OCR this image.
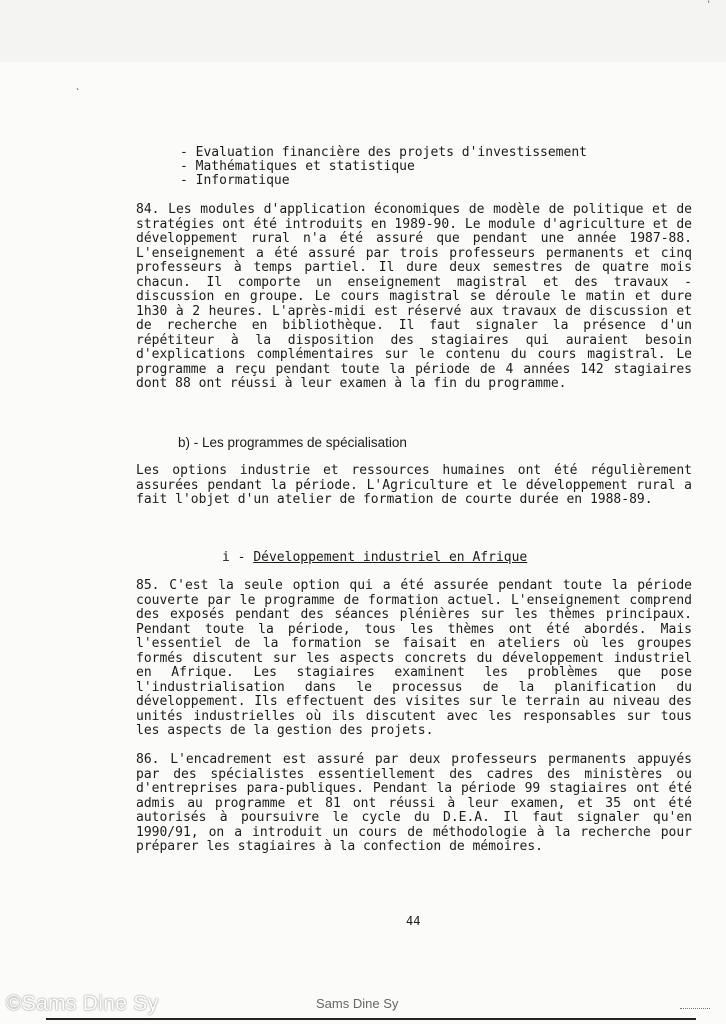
'
ˋ
- Evaluation financière des projets d'investissement
- Mathématiques et statistique
- Informatique

84. Les modules d'application économiques de modèle de politique et de stratégies ont été introduits en 1989-90. Le module d'agriculture et de développement rural n'a été assuré que pendant une année 1987-88. L'enseignement a été assuré par trois professeurs permanents et cinq professeurs à temps partiel. Il dure deux semestres de quatre mois chacun. Il comporte un enseignement magistral et des travaux - discussion en groupe. Le cours magistral se déroule le matin et dure 1h30 à 2 heures. L'après-midi est réservé aux travaux de discussion et de recherche en bibliothèque. Il faut signaler la présence d'un répétiteur à la disposition des stagiaires qui auraient besoin d'explications complémentaires sur le contenu du cours magistral. Le programme a reçu pendant toute la période de 4 années 142 stagiaires dont 88 ont réussi à leur examen à la fin du programme.

b) - Les programmes de spécialisation

Les options industrie et ressources humaines ont été régulièrement assurées pendant la période. L'Agriculture et le développement rural a fait l'objet d'un atelier de formation de courte durée en 1988-89.

i - Développement industriel en Afrique

85. C'est la seule option qui a été assurée pendant toute la période couverte par le programme de formation actuel. L'enseignement comprend des exposés pendant des séances plénières sur les thèmes principaux. Pendant toute la période, tous les thèmes ont été abordés. Mais l'essentiel de la formation se faisait en ateliers où les groupes formés discutent sur les aspects concrets du développement industriel en Afrique. Les stagiaires examinent les problèmes que pose l'industrialisation dans le processus de la planification du développement. Ils effectuent des visites sur le terrain au niveau des unités industrielles où ils discutent avec les responsables sur tous les aspects de la gestion des projets.

86. L'encadrement est assuré par deux professeurs permanents appuyés par des spécialistes essentiellement des cadres des ministères ou d'entreprises para-publiques. Pendant la période 99 stagiaires ont été admis au programme et 81 ont réussi à leur examen, et 35 ont été autorisés à poursuivre le cycle du D.E.A. Il faut signaler qu'en 1990/91, on a introduit un cours de méthodologie à la recherche pour préparer les stagiaires à la confection de mémoires.

44
©Sams Dine Sy	Sams Dine Sy
